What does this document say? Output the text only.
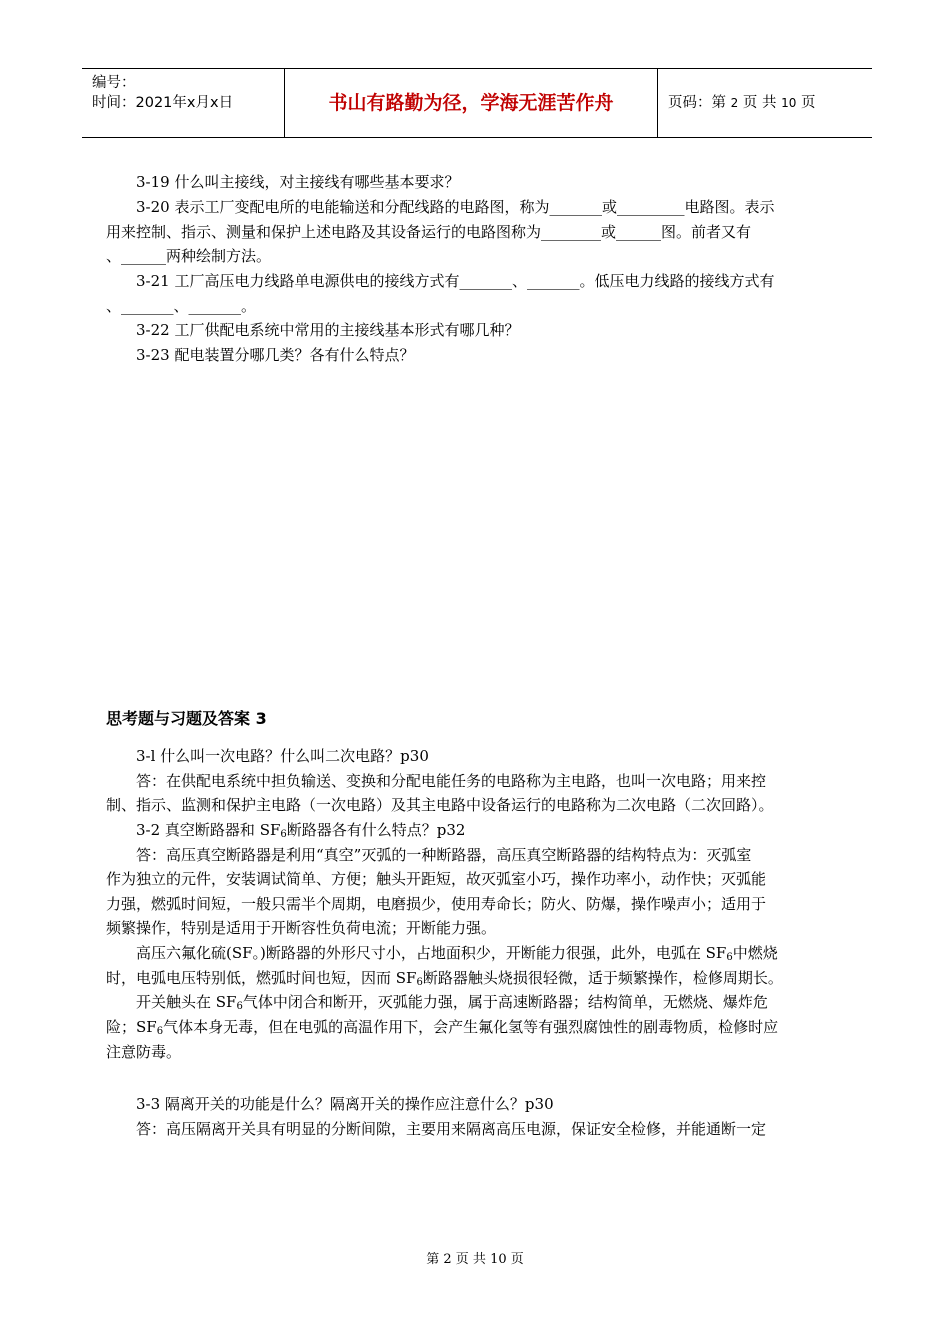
编号：
时间：2021年x月x日	书山有路勤为径，学海无涯苦作舟	页码：第 2 页 共 10 页
3-19 什么叫主接线，对主接线有哪些基本要求？
3-20 表示工厂变配电所的电能输送和分配线路的电路图，称为_______或_________电路图。表示
用来控制、指示、测量和保护上述电路及其设备运行的电路图称为________或______图。前者又有
、______两种绘制方法。
3-21 工厂高压电力线路单电源供电的接线方式有_______、_______。低压电力线路的接线方式有
、_______、_______。
3-22 工厂供配电系统中常用的主接线基本形式有哪几种？
3-23 配电装置分哪几类？各有什么特点？
思考题与习题及答案 3
3-l 什么叫一次电路？什么叫二次电路？p30
答：在供配电系统中担负输送、变换和分配电能任务的电路称为主电路，也叫一次电路；用来控
制、指示、监测和保护主电路（一次电路）及其主电路中设备运行的电路称为二次电路（二次回路）。
3-2 真空断路器和 $SF_6$断路器各有什么特点？p32
答：高压真空断路器是利用“真空”灭弧的一种断路器，高压真空断路器的结构特点为：灭弧室
作为独立的元件，安装调试简单、方便；触头开距短，故灭弧室小巧，操作功率小，动作快；灭弧能
力强，燃弧时间短，一般只需半个周期，电磨损少，使用寿命长；防火、防爆，操作噪声小；适用于
频繁操作，特别是适用于开断容性负荷电流；开断能力强。
高压六氟化硫(SF。)断路器的外形尺寸小，占地面积少，开断能力很强，此外，电弧在 $SF_6$中燃烧
时，电弧电压特别低，燃弧时间也短，因而 $SF_6$断路器触头烧损很轻微，适于频繁操作，检修周期长。
开关触头在 $SF_6$气体中闭合和断开，灭弧能力强，属于高速断路器；结构简单，无燃烧、爆炸危
险；$SF_6$气体本身无毒，但在电弧的高温作用下，会产生氟化氢等有强烈腐蚀性的剧毒物质，检修时应
注意防毒。
3-3 隔离开关的功能是什么？隔离开关的操作应注意什么？p30
答：高压隔离开关具有明显的分断间隙，主要用来隔离高压电源，保证安全检修，并能通断一定
第 2 页 共 10 页
